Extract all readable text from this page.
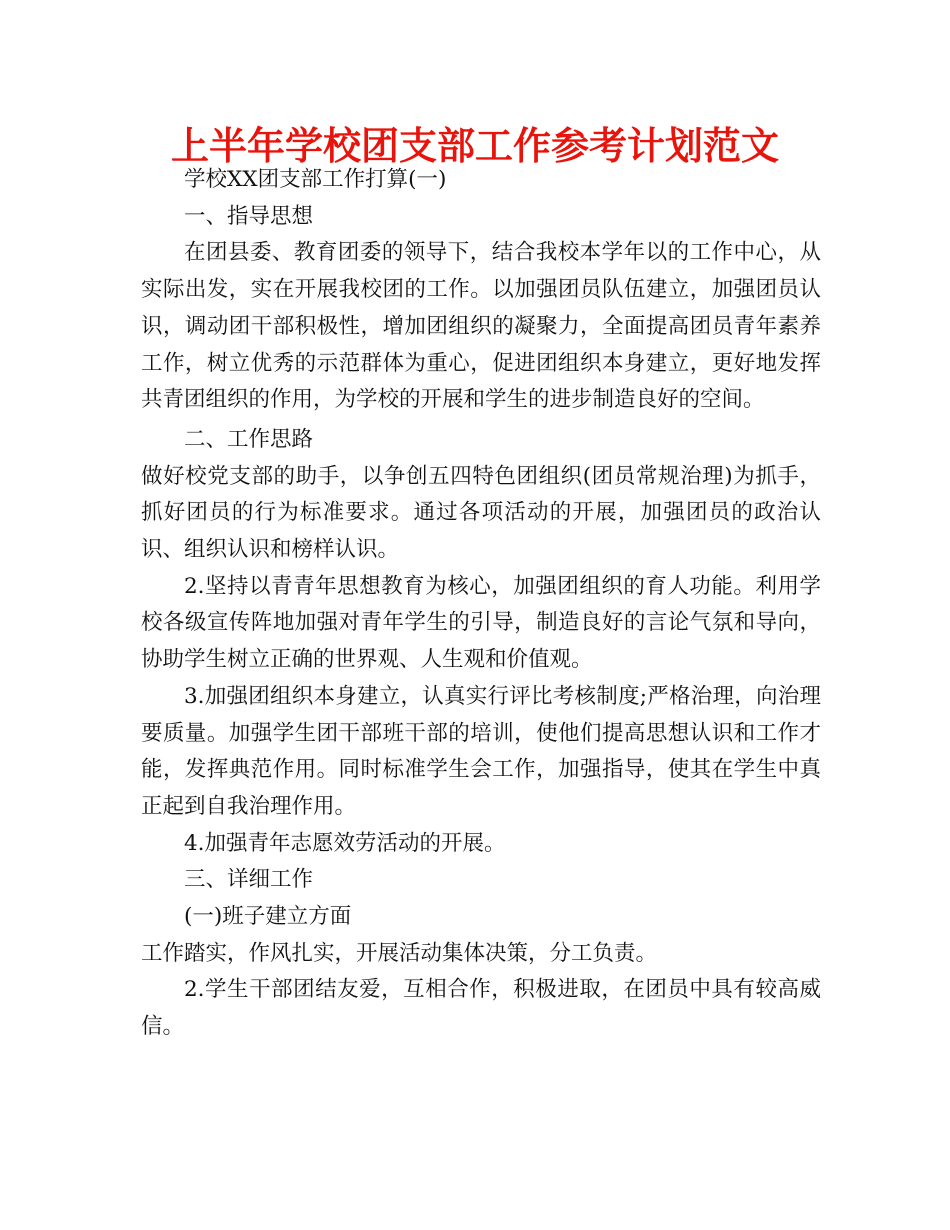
上半年学校团支部工作参考计划范文

学校XX团支部工作打算(一)

一、指导思想

在团县委、教育团委的领导下，结合我校本学年以的工作中心，从实际出发，实在开展我校团的工作。以加强团员队伍建立，加强团员认识，调动团干部积极性，增加团组织的凝聚力，全面提高团员青年素养工作，树立优秀的示范群体为重心，促进团组织本身建立，更好地发挥共青团组织的作用，为学校的开展和学生的进步制造良好的空间。

二、工作思路

做好校党支部的助手，以争创五四特色团组织(团员常规治理)为抓手，抓好团员的行为标准要求。通过各项活动的开展，加强团员的政治认识、组织认识和榜样认识。

2.坚持以青青年思想教育为核心，加强团组织的育人功能。利用学校各级宣传阵地加强对青年学生的引导，制造良好的言论气氛和导向，协助学生树立正确的世界观、人生观和价值观。

3.加强团组织本身建立，认真实行评比考核制度;严格治理，向治理要质量。加强学生团干部班干部的培训，使他们提高思想认识和工作才能，发挥典范作用。同时标准学生会工作，加强指导，使其在学生中真正起到自我治理作用。

4.加强青年志愿效劳活动的开展。

三、详细工作

(一)班子建立方面

工作踏实，作风扎实，开展活动集体决策，分工负责。

2.学生干部团结友爱，互相合作，积极进取，在团员中具有较高威信。
